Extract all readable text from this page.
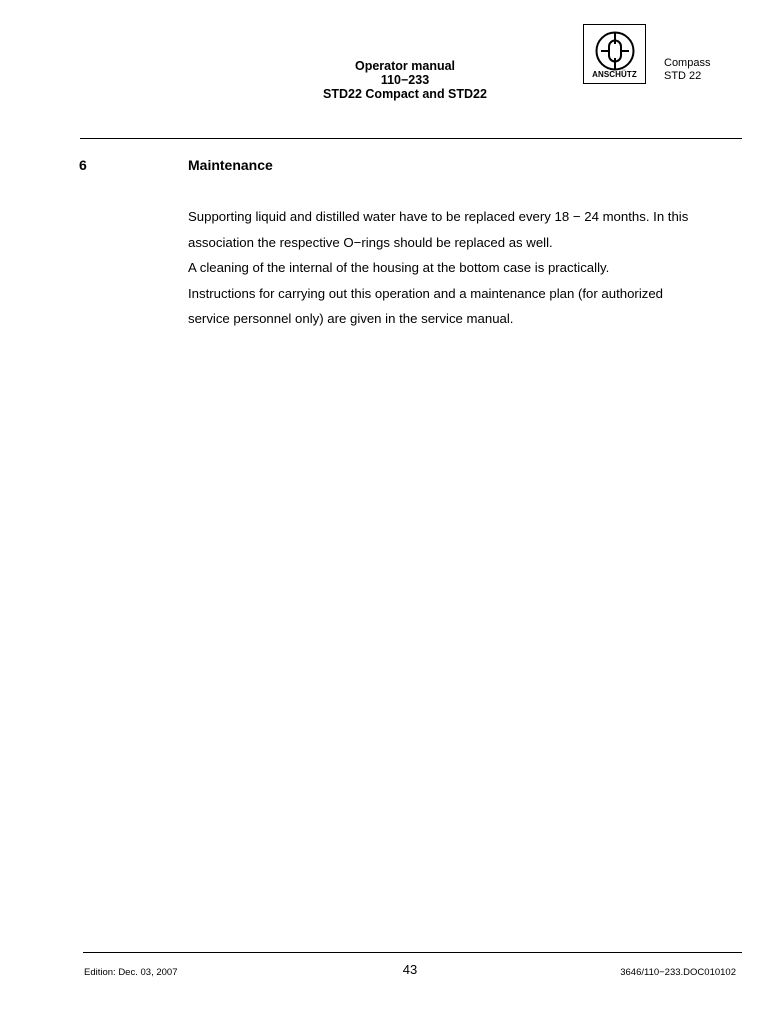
Operator manual
110−233
STD22 Compact and STD22
ANSCHÜTZ
Compass
STD 22
6	Maintenance

Supporting liquid and distilled water have to be replaced every 18 − 24 months. In this

association the respective O−rings should be replaced as well.

A cleaning of the internal of the housing at the bottom case is practically.

Instructions for carrying out this operation and a maintenance plan (for authorized

service personnel only) are given in the service manual.

Edition: Dec. 03, 2007	43	3646/110−233.DOC010102
